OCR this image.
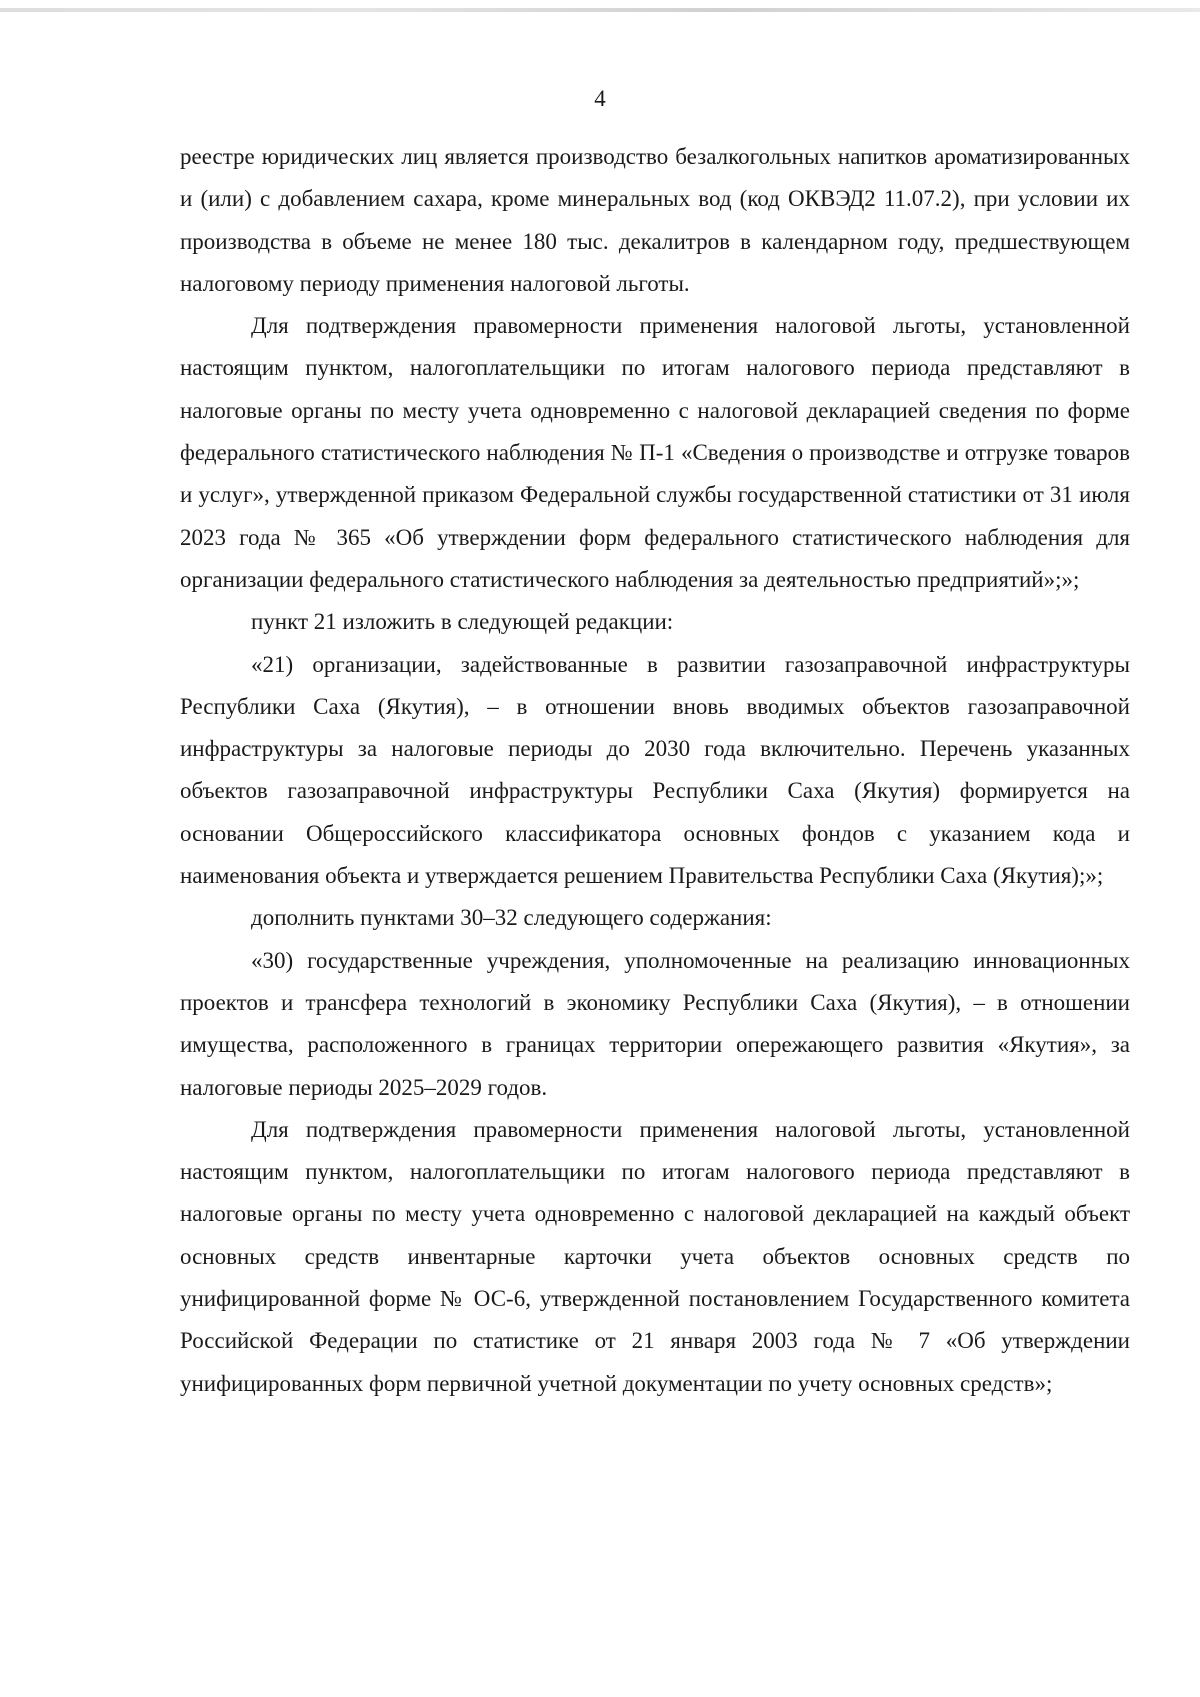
4

реестре юридических лиц является производство безалкогольных напитков ароматизированных и (или) с добавлением сахара, кроме минеральных вод (код ОКВЭД2 11.07.2), при условии их производства в объеме не менее 180 тыс. декалитров в календарном году, предшествующем налоговому периоду применения налоговой льготы.

Для подтверждения правомерности применения налоговой льготы, установленной настоящим пунктом, налогоплательщики по итогам налогового периода представляют в налоговые органы по месту учета одновременно с налоговой декларацией сведения по форме федерального статистического наблюдения № П-1 «Сведения о производстве и отгрузке товаров и услуг», утвержденной приказом Федеральной службы государственной статистики от 31 июля 2023 года № 365 «Об утверждении форм федерального статистического наблюдения для организации федерального статистического наблюдения за деятельностью предприятий»;»;

пункт 21 изложить в следующей редакции:

«21) организации, задействованные в развитии газозаправочной инфраструктуры Республики Саха (Якутия), – в отношении вновь вводимых объектов газозаправочной инфраструктуры за налоговые периоды до 2030 года включительно. Перечень указанных объектов газозаправочной инфраструктуры Республики Саха (Якутия) формируется на основании Общероссийского классификатора основных фондов с указанием кода и наименования объекта и утверждается решением Правительства Республики Саха (Якутия);»;

дополнить пунктами 30–32 следующего содержания:

«30) государственные учреждения, уполномоченные на реализацию инновационных проектов и трансфера технологий в экономику Республики Саха (Якутия), – в отношении имущества, расположенного в границах территории опережающего развития «Якутия», за налоговые периоды 2025–2029 годов.

Для подтверждения правомерности применения налоговой льготы, установленной настоящим пунктом, налогоплательщики по итогам налогового периода представляют в налоговые органы по месту учета одновременно с налоговой декларацией на каждый объект основных средств инвентарные карточки учета объектов основных средств по унифицированной форме № ОС-6, утвержденной постановлением Государственного комитета Российской Федерации по статистике от 21 января 2003 года № 7 «Об утверждении унифицированных форм первичной учетной документации по учету основных средств»;
